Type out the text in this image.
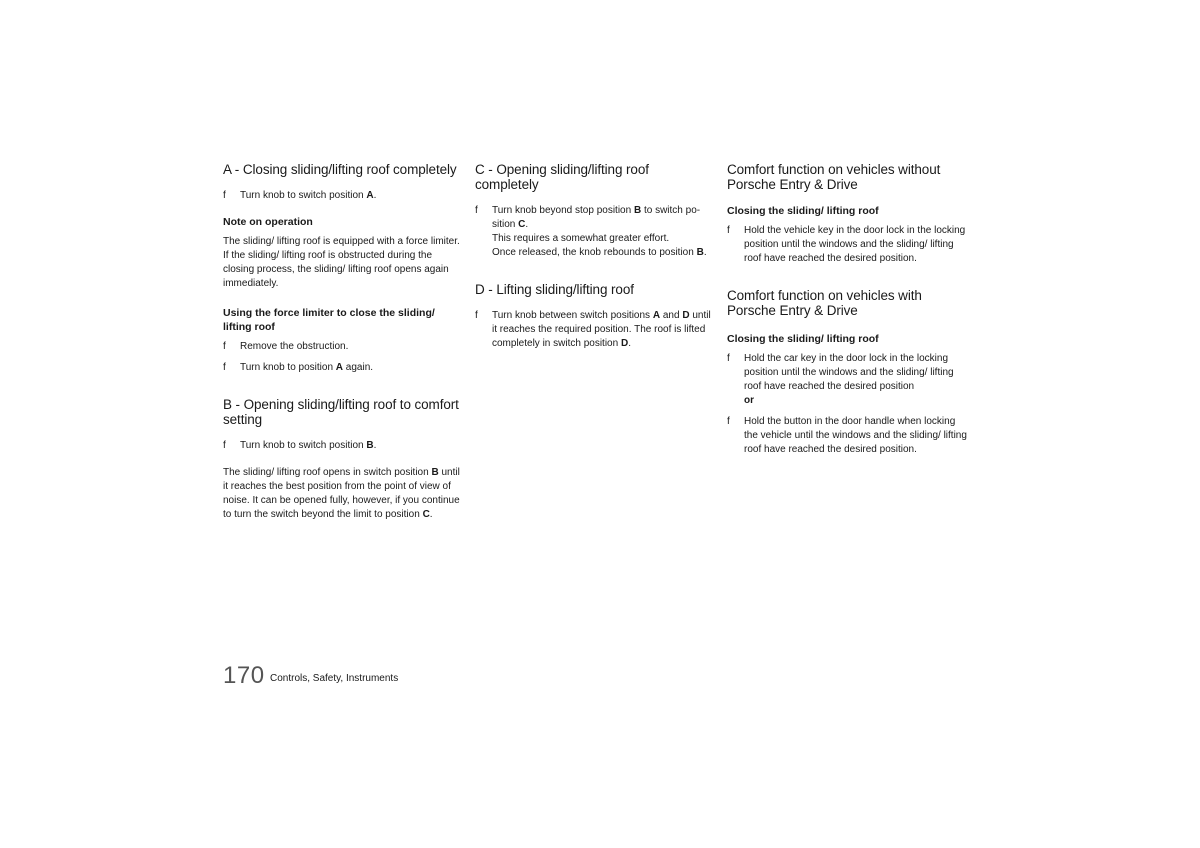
A - Closing sliding/lifting roof completely
f Turn knob to switch position A.
Note on operation
The sliding/ lifting roof is equipped with a force limiter. If the sliding/ lifting roof is obstructed during the closing process, the sliding/ lifting roof opens again immediately.
Using the force limiter to close the sliding/ lifting roof
f Remove the obstruction.
f Turn knob to position A again.
B - Opening sliding/lifting roof to comfort setting
f Turn knob to switch position B.
The sliding/ lifting roof opens in switch position B until it reaches the best position from the point of view of noise. It can be opened fully, however, if you continue to turn the switch beyond the limit to position C.
C - Opening sliding/lifting roof completely
f Turn knob beyond stop position B to switch po-sition C.
This requires a somewhat greater effort.
Once released, the knob rebounds to position B.
D - Lifting sliding/lifting roof
f Turn knob between switch positions A and D until it reaches the required position. The roof is lifted completely in switch position D.
Comfort function on vehicles without Porsche Entry & Drive
Closing the sliding/ lifting roof
f Hold the vehicle key in the door lock in the locking position until the windows and the sliding/ lifting roof have reached the desired position.
Comfort function on vehicles with Porsche Entry & Drive
Closing the sliding/ lifting roof
f Hold the car key in the door lock in the locking position until the windows and the sliding/ lifting roof have reached the desired position
or
f Hold the button in the door handle when locking the vehicle until the windows and the sliding/ lifting roof have reached the desired position.
170 Controls, Safety, Instruments
